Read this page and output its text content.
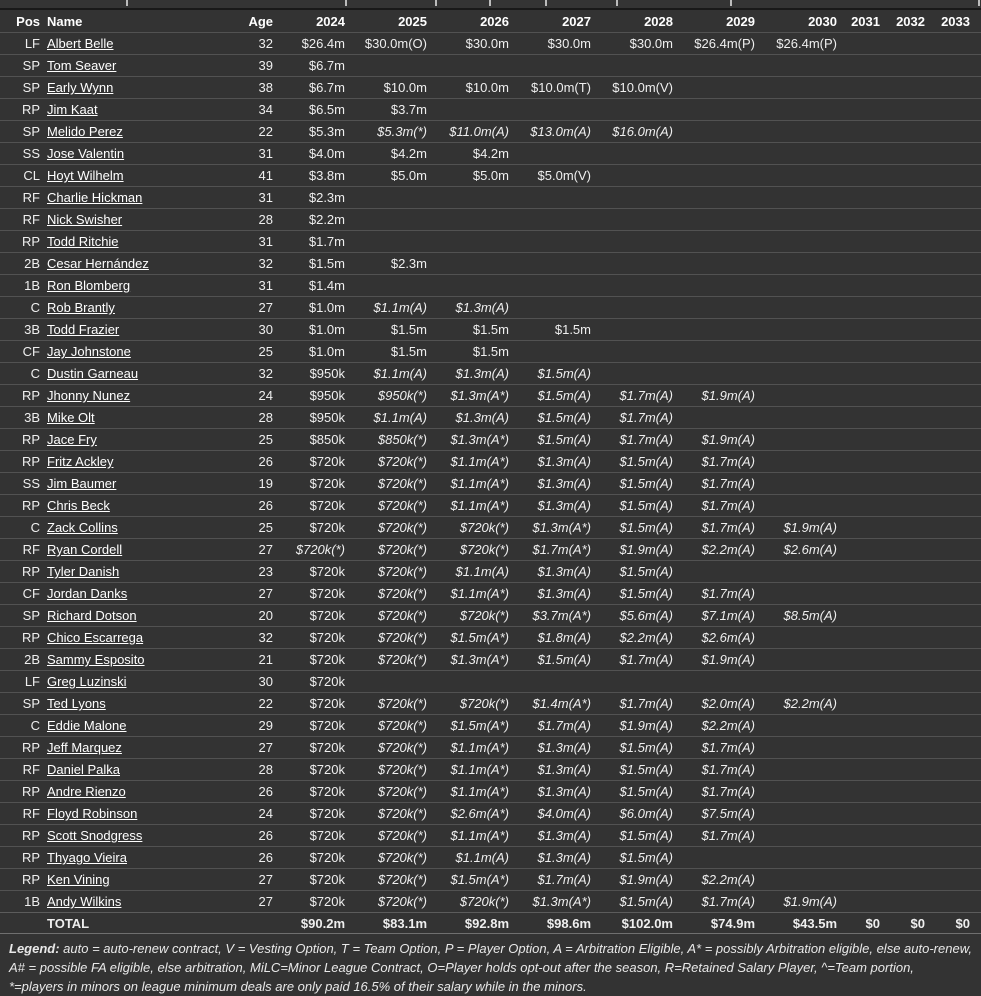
Pos Name	Age	2024	2025	2026	2027	2028	2029	2030	2031	2032	2033
LF Albert Belle	32	$26.4m	$30.0m(O)	$30.0m	$30.0m	$30.0m	$26.4m(P)	$26.4m(P)
SP Tom Seaver	39	$6.7m
SP Early Wynn	38	$6.7m	$10.0m	$10.0m	$10.0m(T)	$10.0m(V)
RP Jim Kaat	34	$6.5m	$3.7m
SP Melido Perez	22	$5.3m	$5.3m(*)	$11.0m(A)	$13.0m(A)	$16.0m(A)
SS Jose Valentin	31	$4.0m	$4.2m	$4.2m
CL Hoyt Wilhelm	41	$3.8m	$5.0m	$5.0m	$5.0m(V)
RF Charlie Hickman	31	$2.3m
RF Nick Swisher	28	$2.2m
RP Todd Ritchie	31	$1.7m
2B Cesar Hernández	32	$1.5m	$2.3m
1B Ron Blomberg	31	$1.4m
C Rob Brantly	27	$1.0m	$1.1m(A)	$1.3m(A)
3B Todd Frazier	30	$1.0m	$1.5m	$1.5m	$1.5m
CF Jay Johnstone	25	$1.0m	$1.5m	$1.5m
C Dustin Garneau	32	$950k	$1.1m(A)	$1.3m(A)	$1.5m(A)
RP Jhonny Nunez	24	$950k	$950k(*)	$1.3m(A*)	$1.5m(A)	$1.7m(A)	$1.9m(A)
3B Mike Olt	28	$950k	$1.1m(A)	$1.3m(A)	$1.5m(A)	$1.7m(A)
RP Jace Fry	25	$850k	$850k(*)	$1.3m(A*)	$1.5m(A)	$1.7m(A)	$1.9m(A)
RP Fritz Ackley	26	$720k	$720k(*)	$1.1m(A*)	$1.3m(A)	$1.5m(A)	$1.7m(A)
SS Jim Baumer	19	$720k	$720k(*)	$1.1m(A*)	$1.3m(A)	$1.5m(A)	$1.7m(A)
RP Chris Beck	26	$720k	$720k(*)	$1.1m(A*)	$1.3m(A)	$1.5m(A)	$1.7m(A)
C Zack Collins	25	$720k	$720k(*)	$720k(*)	$1.3m(A*)	$1.5m(A)	$1.7m(A)	$1.9m(A)
RF Ryan Cordell	27	$720k(*)	$720k(*)	$720k(*)	$1.7m(A*)	$1.9m(A)	$2.2m(A)	$2.6m(A)
RP Tyler Danish	23	$720k	$720k(*)	$1.1m(A)	$1.3m(A)	$1.5m(A)
CF Jordan Danks	27	$720k	$720k(*)	$1.1m(A*)	$1.3m(A)	$1.5m(A)	$1.7m(A)
SP Richard Dotson	20	$720k	$720k(*)	$720k(*)	$3.7m(A*)	$5.6m(A)	$7.1m(A)	$8.5m(A)
RP Chico Escarrega	32	$720k	$720k(*)	$1.5m(A*)	$1.8m(A)	$2.2m(A)	$2.6m(A)
2B Sammy Esposito	21	$720k	$720k(*)	$1.3m(A*)	$1.5m(A)	$1.7m(A)	$1.9m(A)
LF Greg Luzinski	30	$720k
SP Ted Lyons	22	$720k	$720k(*)	$720k(*)	$1.4m(A*)	$1.7m(A)	$2.0m(A)	$2.2m(A)
C Eddie Malone	29	$720k	$720k(*)	$1.5m(A*)	$1.7m(A)	$1.9m(A)	$2.2m(A)
RP Jeff Marquez	27	$720k	$720k(*)	$1.1m(A*)	$1.3m(A)	$1.5m(A)	$1.7m(A)
RF Daniel Palka	28	$720k	$720k(*)	$1.1m(A*)	$1.3m(A)	$1.5m(A)	$1.7m(A)
RP Andre Rienzo	26	$720k	$720k(*)	$1.1m(A*)	$1.3m(A)	$1.5m(A)	$1.7m(A)
RF Floyd Robinson	24	$720k	$720k(*)	$2.6m(A*)	$4.0m(A)	$6.0m(A)	$7.5m(A)
RP Scott Snodgress	26	$720k	$720k(*)	$1.1m(A*)	$1.3m(A)	$1.5m(A)	$1.7m(A)
RP Thyago Vieira	26	$720k	$720k(*)	$1.1m(A)	$1.3m(A)	$1.5m(A)
RP Ken Vining	27	$720k	$720k(*)	$1.5m(A*)	$1.7m(A)	$1.9m(A)	$2.2m(A)
1B Andy Wilkins	27	$720k	$720k(*)	$720k(*)	$1.3m(A*)	$1.5m(A)	$1.7m(A)	$1.9m(A)
TOTAL	$90.2m	$83.1m	$92.8m	$98.6m	$102.0m	$74.9m	$43.5m	$0	$0	$0
Legend: auto = auto-renew contract, V = Vesting Option, T = Team Option, P = Player Option, A = Arbitration Eligible, A* = possibly Arbitration eligible, else auto-renew, A# = possible FA eligible, else arbitration, MiLC=Minor League Contract, O=Player holds opt-out after the season, R=Retained Salary Player, ^=Team portion, *=players in minors on league minimum deals are only paid 16.5% of their salary while in the minors.
